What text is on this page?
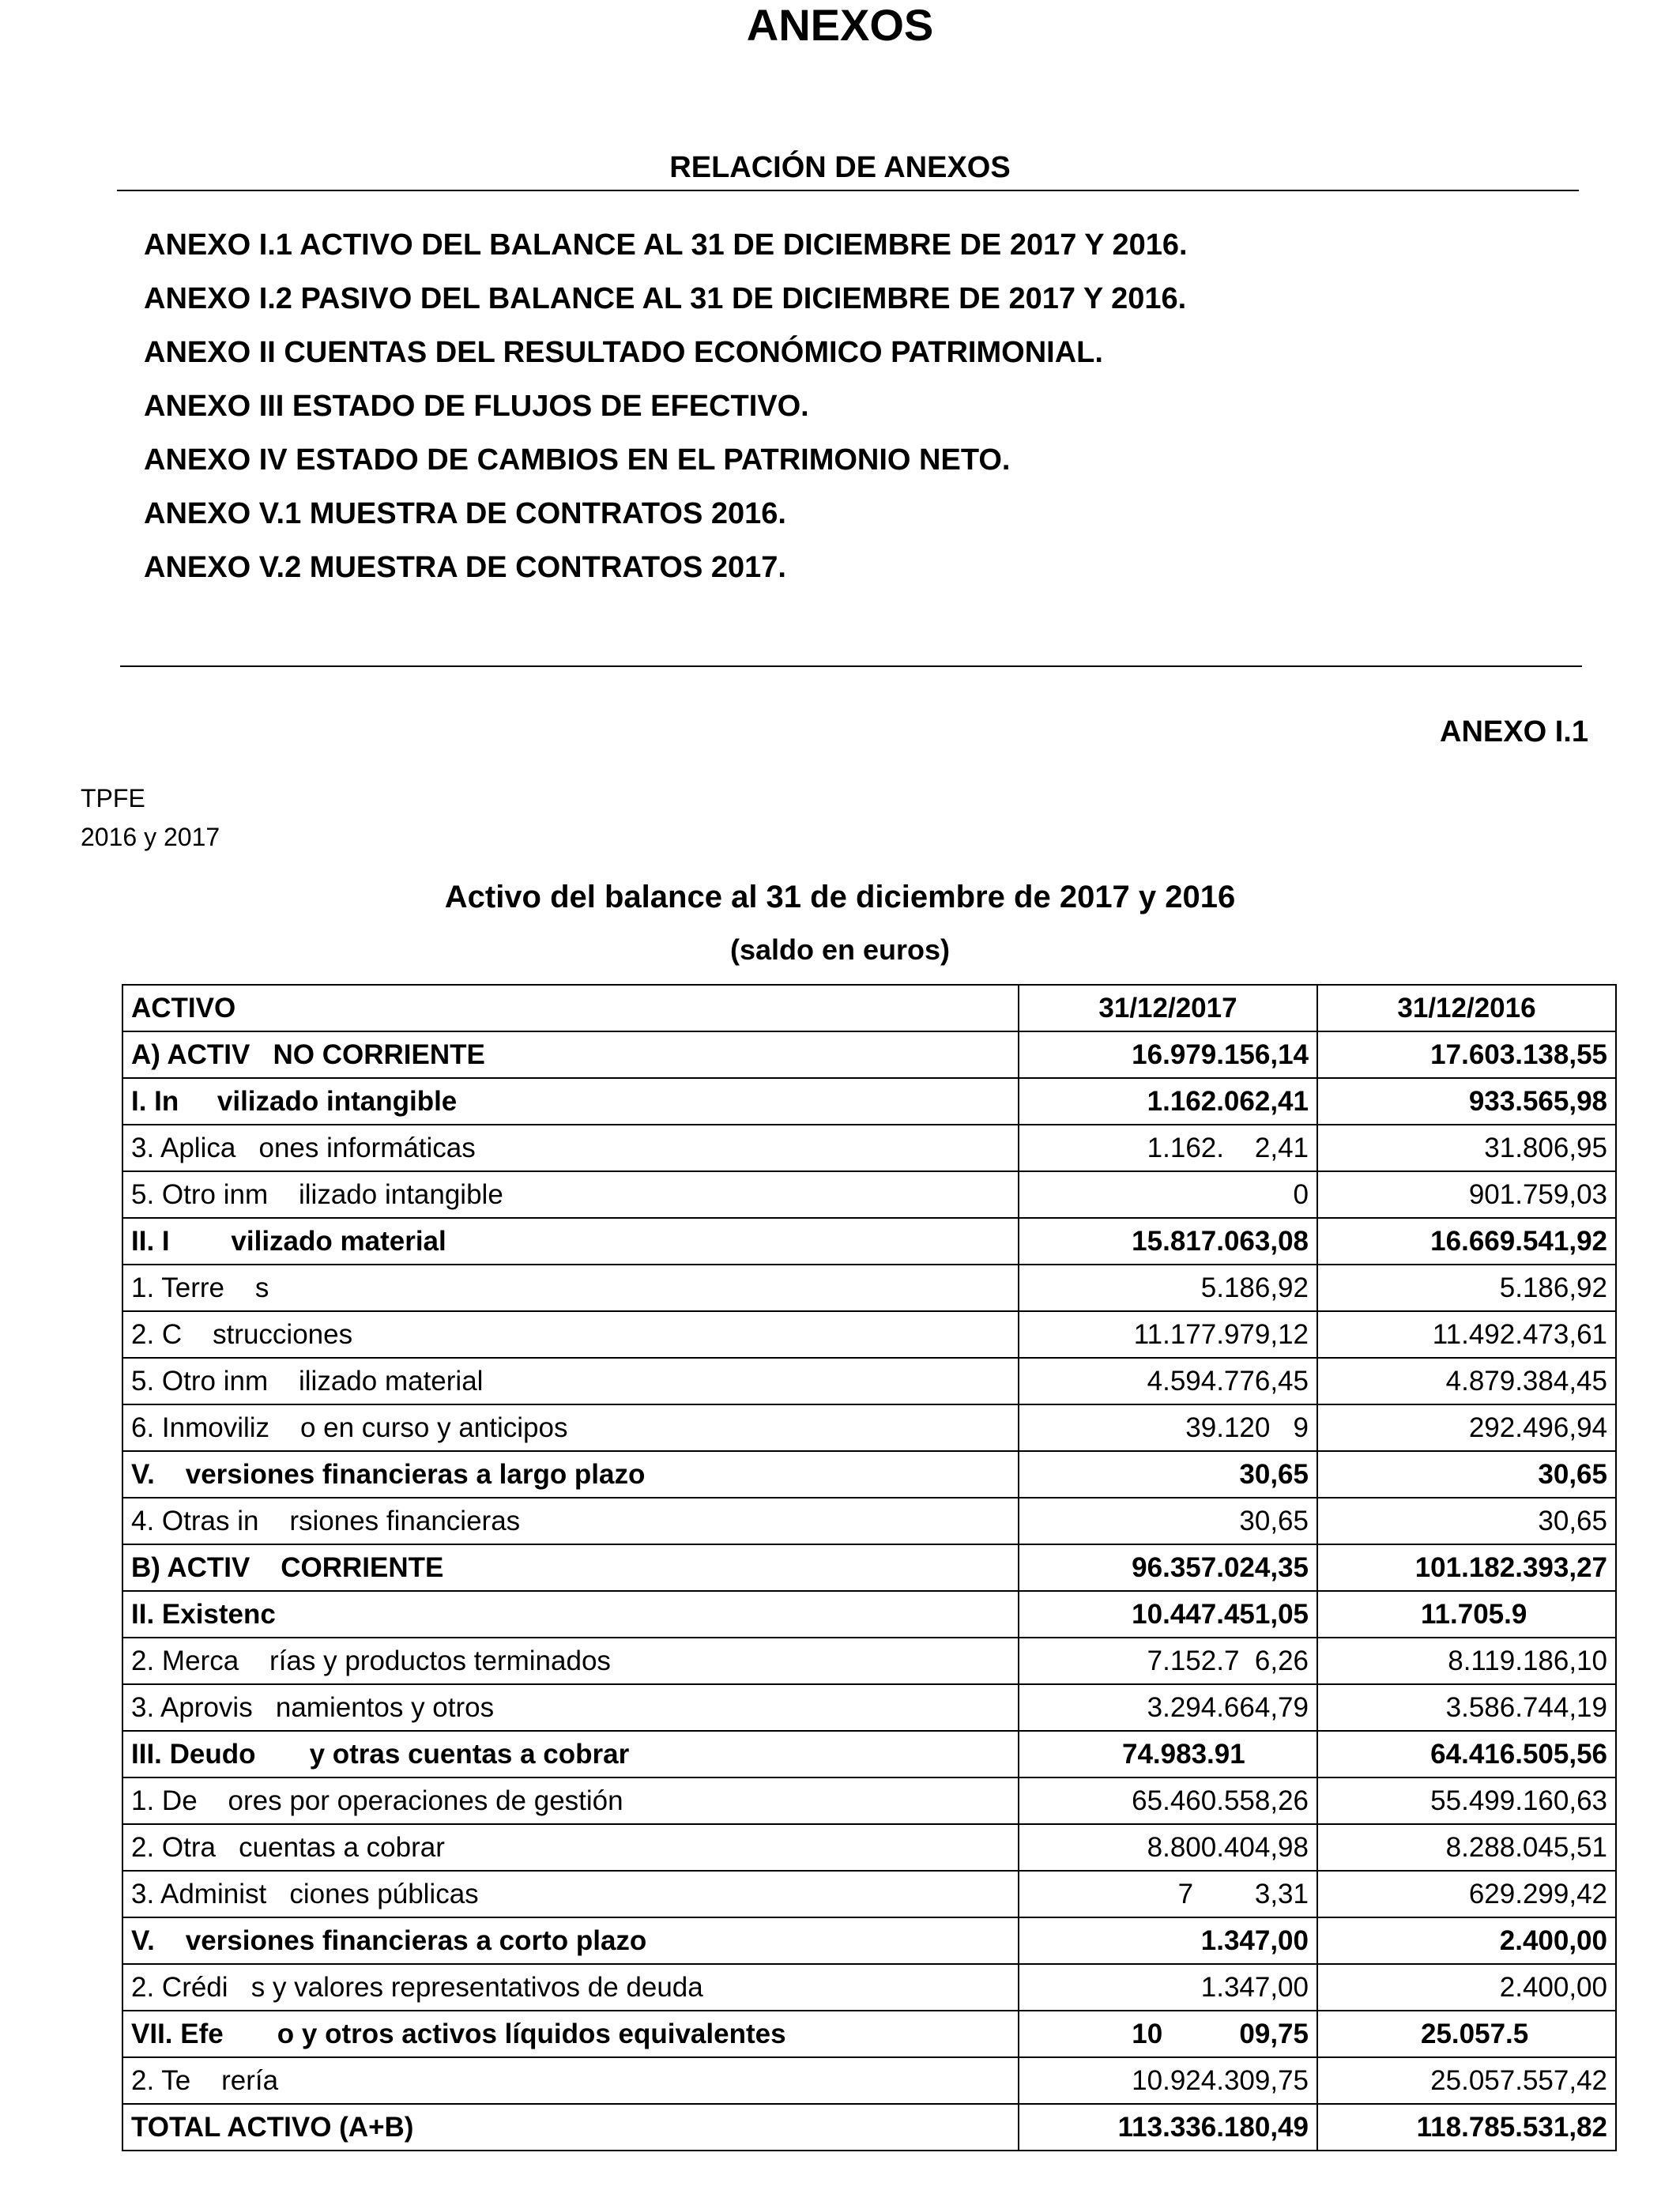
ANEXOS
RELACIÓN DE ANEXOS
ANEXO I.1 ACTIVO DEL BALANCE AL 31 DE DICIEMBRE DE 2017 Y 2016.
ANEXO I.2 PASIVO DEL BALANCE AL 31 DE DICIEMBRE DE 2017 Y 2016.
ANEXO II CUENTAS DEL RESULTADO ECONÓMICO PATRIMONIAL.
ANEXO III ESTADO DE FLUJOS DE EFECTIVO.
ANEXO IV ESTADO DE CAMBIOS EN EL PATRIMONIO NETO.
ANEXO V.1 MUESTRA DE CONTRATOS 2016.
ANEXO V.2 MUESTRA DE CONTRATOS 2017.
ANEXO I.1
TPFE
2016 y 2017
Activo del balance al 31 de diciembre de 2017 y 2016
(saldo en euros)
ACTIVO	31/12/2017	31/12/2016
A) ACTIV   NO CORRIENTE	16.979.156,14	17.603.138,55
I. In     vilizado intangible	1.162.062,41	933.565,98
3. Aplica   ones informáticas	1.162.    2,41	31.806,95
5. Otro inm    ilizado intangible	0	901.759,03
II. I        vilizado material	15.817.063,08	16.669.541,92
1. Terre    s	5.186,92	5.186,92
2. C    strucciones	11.177.979,12	11.492.473,61
5. Otro inm    ilizado material	4.594.776,45	4.879.384,45
6. Inmoviliz    o en curso y anticipos	39.120   9	292.496,94
V.    versiones financieras a largo plazo	30,65	30,65
4. Otras in    rsiones financieras	30,65	30,65
B) ACTIV    CORRIENTE	96.357.024,35	101.182.393,27
II. Existenc	10.447.451,05	11.705.9
2. Merca    rías y productos terminados	7.152.7  6,26	8.119.186,10
3. Aprovis   namientos y otros	3.294.664,79	3.586.744,19
III. Deudo       y otras cuentas a cobrar	74.983.91	64.416.505,56
1. De    ores por operaciones de gestión	65.460.558,26	55.499.160,63
2. Otra   cuentas a cobrar	8.800.404,98	8.288.045,51
3. Administ   ciones públicas	7        3,31	629.299,42
V.    versiones financieras a corto plazo	1.347,00	2.400,00
2. Crédi   s y valores representativos de deuda	1.347,00	2.400,00
VII. Efe       o y otros activos líquidos equivalentes	10          09,75	25.057.5
2. Te    rería	10.924.309,75	25.057.557,42
TOTAL ACTIVO (A+B)	113.336.180,49	118.785.531,82
